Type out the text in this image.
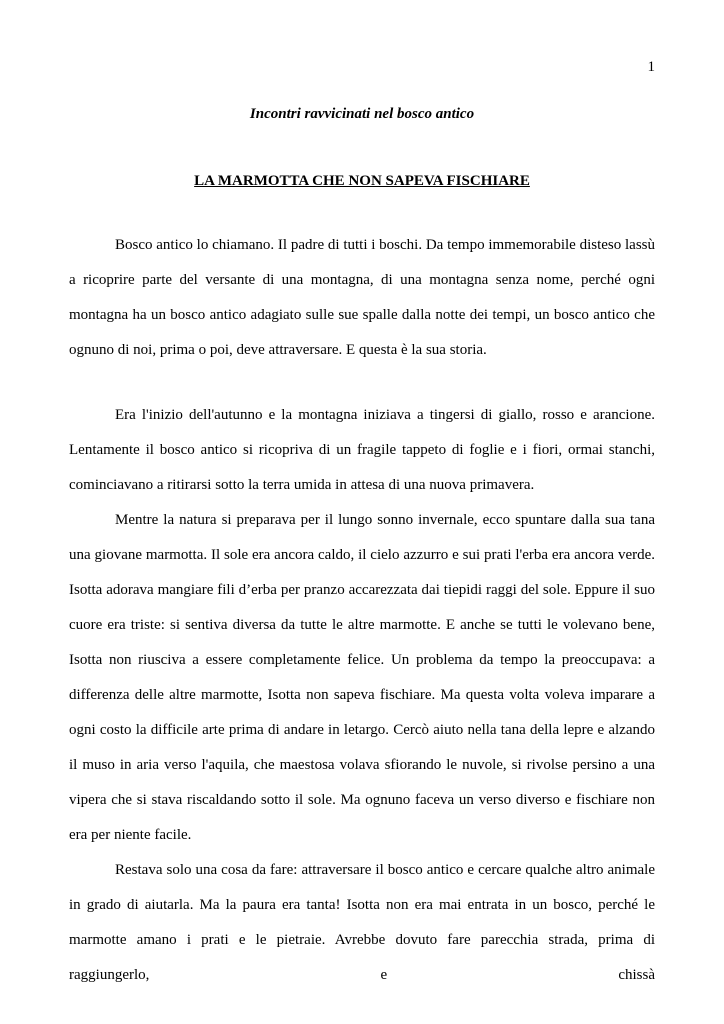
1
Incontri ravvicinati nel bosco antico
LA MARMOTTA CHE NON SAPEVA FISCHIARE

Bosco antico lo chiamano. Il padre di tutti i boschi. Da tempo immemorabile disteso lassù a ricoprire parte del versante di una montagna, di una montagna senza nome, perché ogni montagna ha un bosco antico adagiato sulle sue spalle dalla notte dei tempi, un bosco antico che ognuno di noi, prima o poi, deve attraversare. E questa è la sua storia.

Era l'inizio dell'autunno e la montagna iniziava a tingersi di giallo, rosso e arancione. Lentamente il bosco antico si ricopriva di un fragile tappeto di foglie e i fiori, ormai stanchi, cominciavano a ritirarsi sotto la terra umida in attesa di una nuova primavera.

Mentre la natura si preparava per il lungo sonno invernale, ecco spuntare dalla sua tana una giovane marmotta. Il sole era ancora caldo, il cielo azzurro e sui prati l'erba era ancora verde. Isotta adorava mangiare fili d’erba per pranzo accarezzata dai tiepidi raggi del sole. Eppure il suo cuore era triste: si sentiva diversa da tutte le altre marmotte. E anche se tutti le volevano bene, Isotta non riusciva a essere completamente felice. Un problema da tempo la preoccupava: a differenza delle altre marmotte, Isotta non sapeva fischiare. Ma questa volta voleva imparare a ogni costo la difficile arte prima di andare in letargo. Cercò aiuto nella tana della lepre e alzando il muso in aria verso l'aquila, che maestosa volava sfiorando le nuvole, si rivolse persino a una vipera che si stava riscaldando sotto il sole. Ma ognuno faceva un verso diverso e fischiare non era per niente facile.

Restava solo una cosa da fare: attraversare il bosco antico e cercare qualche altro animale in grado di aiutarla. Ma la paura era tanta! Isotta non era mai entrata in un bosco, perché le marmotte amano i prati e le pietraie. Avrebbe dovuto fare parecchia strada, prima di raggiungerlo, e chissà
